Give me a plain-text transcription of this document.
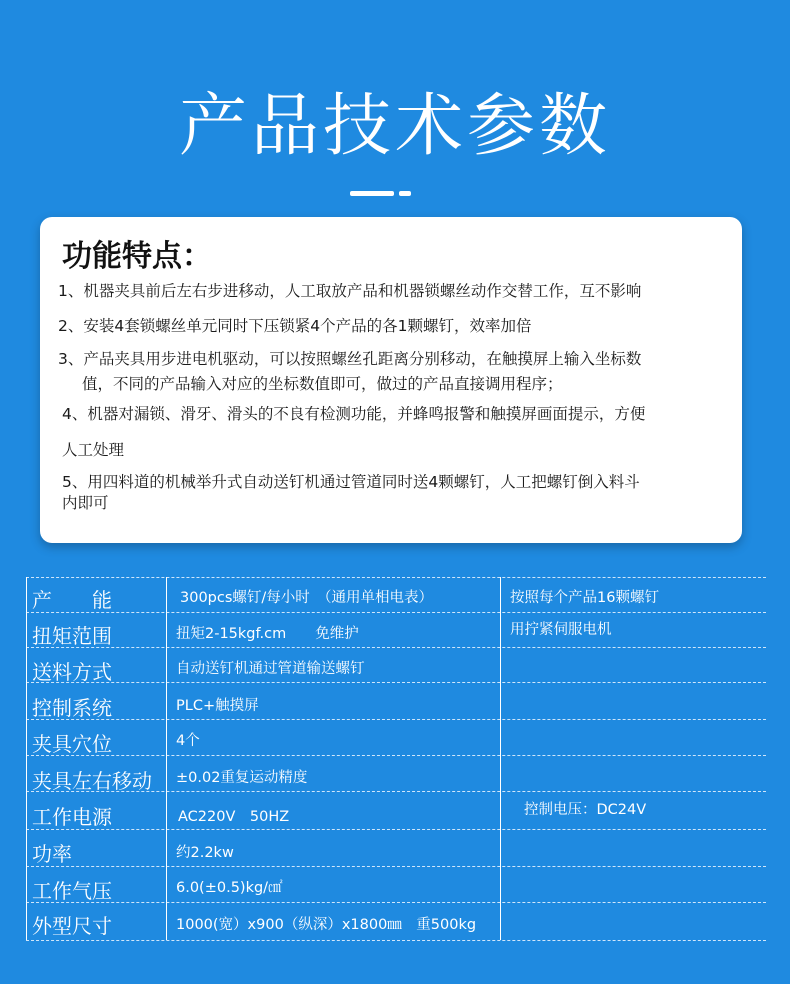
产品技术参数
功能特点：
1、机器夹具前后左右步进移动，人工取放产品和机器锁螺丝动作交替工作，互不影响
2、安装4套锁螺丝单元同时下压锁紧4个产品的各1颗螺钉，效率加倍
3、产品夹具用步进电机驱动，可以按照螺丝孔距离分别移动，在触摸屏上输入坐标数
值，不同的产品输入对应的坐标数值即可，做过的产品直接调用程序；
4、机器对漏锁、滑牙、滑头的不良有检测功能，并蜂鸣报警和触摸屏画面提示，方便
人工处理
5、用四料道的机械举升式自动送钉机通过管道同时送4颗螺钉，人工把螺钉倒入料斗
内即可
产　　能	300pcs螺钉/每小时　（通用单相电表）	按照每个产品16颗螺钉
扭矩范围	扭矩2-15kgf.cm　　免维护	用拧紧伺服电机
送料方式	自动送钉机通过管道输送螺钉
控制系统	PLC+触摸屏
夹具穴位	4个
夹具左右移动 ±0.02重复运动精度
工作电源	AC220V　50HZ	控制电压：DC24V
功率	约2.2kw
工作气压	6.0(±0.5)kg/㎠
外型尺寸	1000(宽）x900（纵深）x1800㎜　重500kg
